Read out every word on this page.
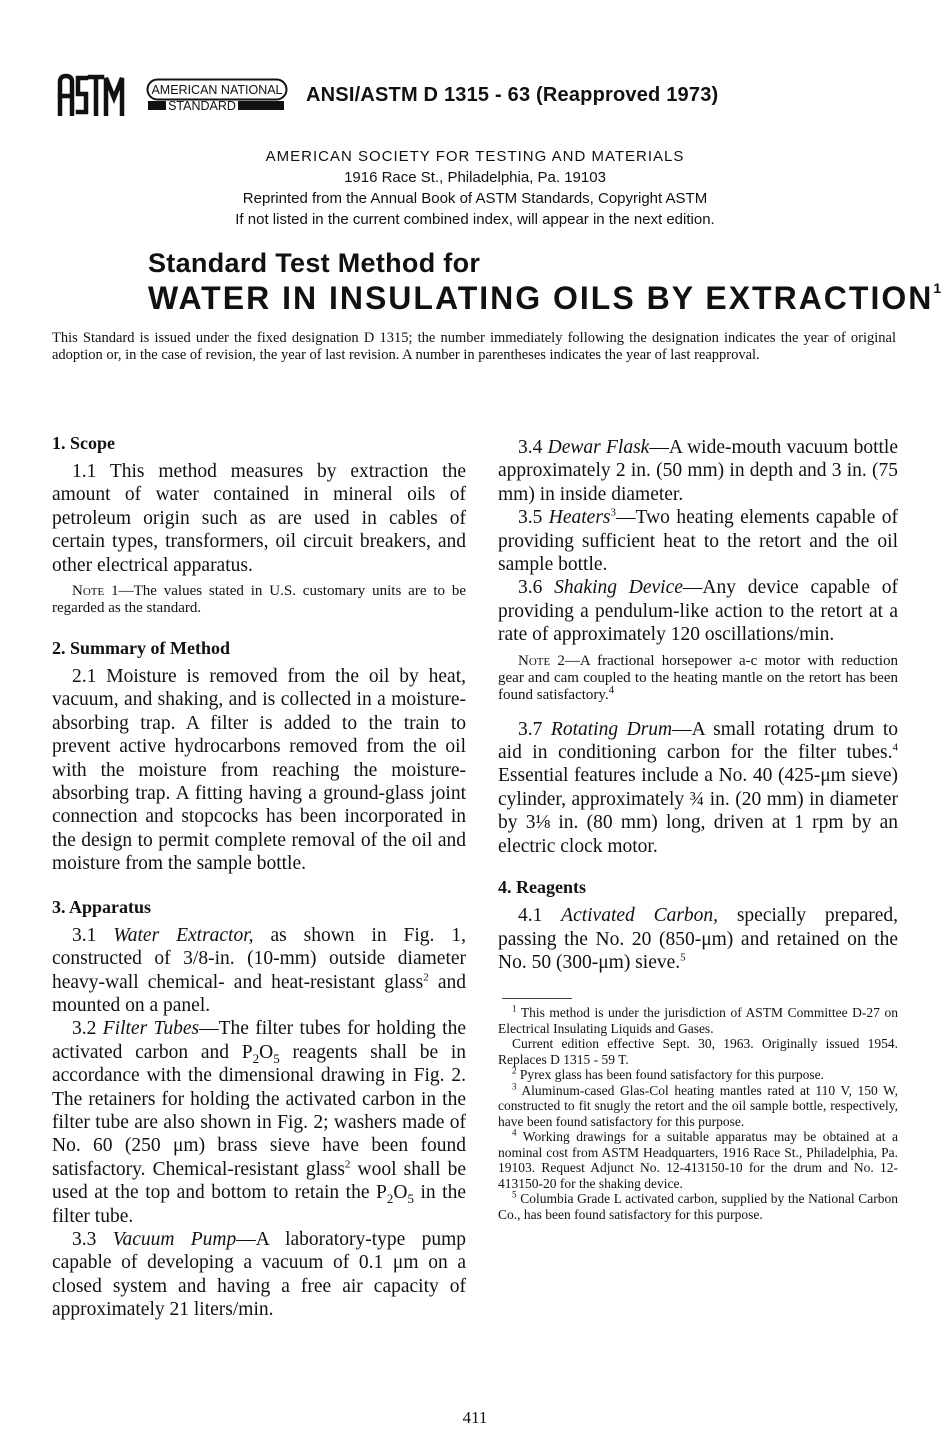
AMERICAN NATIONAL
STANDARD	ANSI/ASTM D 1315 - 63 (Reapproved 1973)
AMERICAN SOCIETY FOR TESTING AND MATERIALS
1916 Race St., Philadelphia, Pa. 19103
Reprinted from the Annual Book of ASTM Standards, Copyright ASTM
If not listed in the current combined index, will appear in the next edition.
Standard Test Method for
WATER IN INSULATING OILS BY EXTRACTION$^1$
This Standard is issued under the fixed designation D 1315; the number immediately following the designation indicates the year of original adoption or, in the case of revision, the year of last revision. A number in parentheses indicates the year of last reapproval.
1. Scope

1.1 This method measures by extraction the amount of water contained in mineral oils of petroleum origin such as are used in cables of certain types, transformers, oil circuit breakers, and other electrical apparatus.

Note 1—The values stated in U.S. customary units are to be regarded as the standard.

2. Summary of Method

2.1 Moisture is removed from the oil by heat, vacuum, and shaking, and is collected in a moisture-absorbing trap. A filter is added to the train to prevent active hydrocarbons removed from the oil with the moisture from reaching the moisture-absorbing trap. A fitting having a ground-glass joint connection and stopcocks has been incorporated in the design to permit complete removal of the oil and moisture from the sample bottle.

3. Apparatus

3.1 Water Extractor, as shown in Fig. 1, constructed of 3/8-in. (10-mm) outside diameter heavy-wall chemical- and heat-resistant glass$^2$ and mounted on a panel.

3.2 Filter Tubes—The filter tubes for holding the activated carbon and $P_2O_5$ reagents shall be in accordance with the dimensional drawing in Fig. 2. The retainers for holding the activated carbon in the filter tube are also shown in Fig. 2; washers made of No. 60 (250 μm) brass sieve have been found satisfactory. Chemical-resistant glass$^2$ wool shall be used at the top and bottom to retain the $P_2O_5$ in the filter tube.

3.3 Vacuum Pump—A laboratory-type pump capable of developing a vacuum of 0.1 μm on a closed system and having a free air capacity of approximately 21 liters/min.

3.4 Dewar Flask—A wide-mouth vacuum bottle approximately 2 in. (50 mm) in depth and 3 in. (75 mm) in inside diameter.

3.5 Heaters$^3$—Two heating elements capable of providing sufficient heat to the retort and the oil sample bottle.

3.6 Shaking Device—Any device capable of providing a pendulum-like action to the retort at a rate of approximately 120 oscillations/min.

Note 2—A fractional horsepower a-c motor with reduction gear and cam coupled to the heating mantle on the retort has been found satisfactory.$^4$

3.7 Rotating Drum—A small rotating drum to aid in conditioning carbon for the filter tubes.$^4$ Essential features include a No. 40 (425-μm sieve) cylinder, approximately ¾ in. (20 mm) in diameter by 3⅛ in. (80 mm) long, driven at 1 rpm by an electric clock motor.

4. Reagents

4.1 Activated Carbon, specially prepared, passing the No. 20 (850-μm) and retained on the No. 50 (300-μm) sieve.$^5$

$^1$ This method is under the jurisdiction of ASTM Committee D-27 on Electrical Insulating Liquids and Gases.

Current edition effective Sept. 30, 1963. Originally issued 1954. Replaces D 1315 - 59 T.

$^2$ Pyrex glass has been found satisfactory for this purpose.

$^3$ Aluminum-cased Glas-Col heating mantles rated at 110 V, 150 W, constructed to fit snugly the retort and the oil sample bottle, respectively, have been found satisfactory for this purpose.

$^4$ Working drawings for a suitable apparatus may be obtained at a nominal cost from ASTM Headquarters, 1916 Race St., Philadelphia, Pa. 19103. Request Adjunct No. 12-413150-10 for the drum and No. 12-413150-20 for the shaking device.

$^5$ Columbia Grade L activated carbon, supplied by the National Carbon Co., has been found satisfactory for this purpose.

411
